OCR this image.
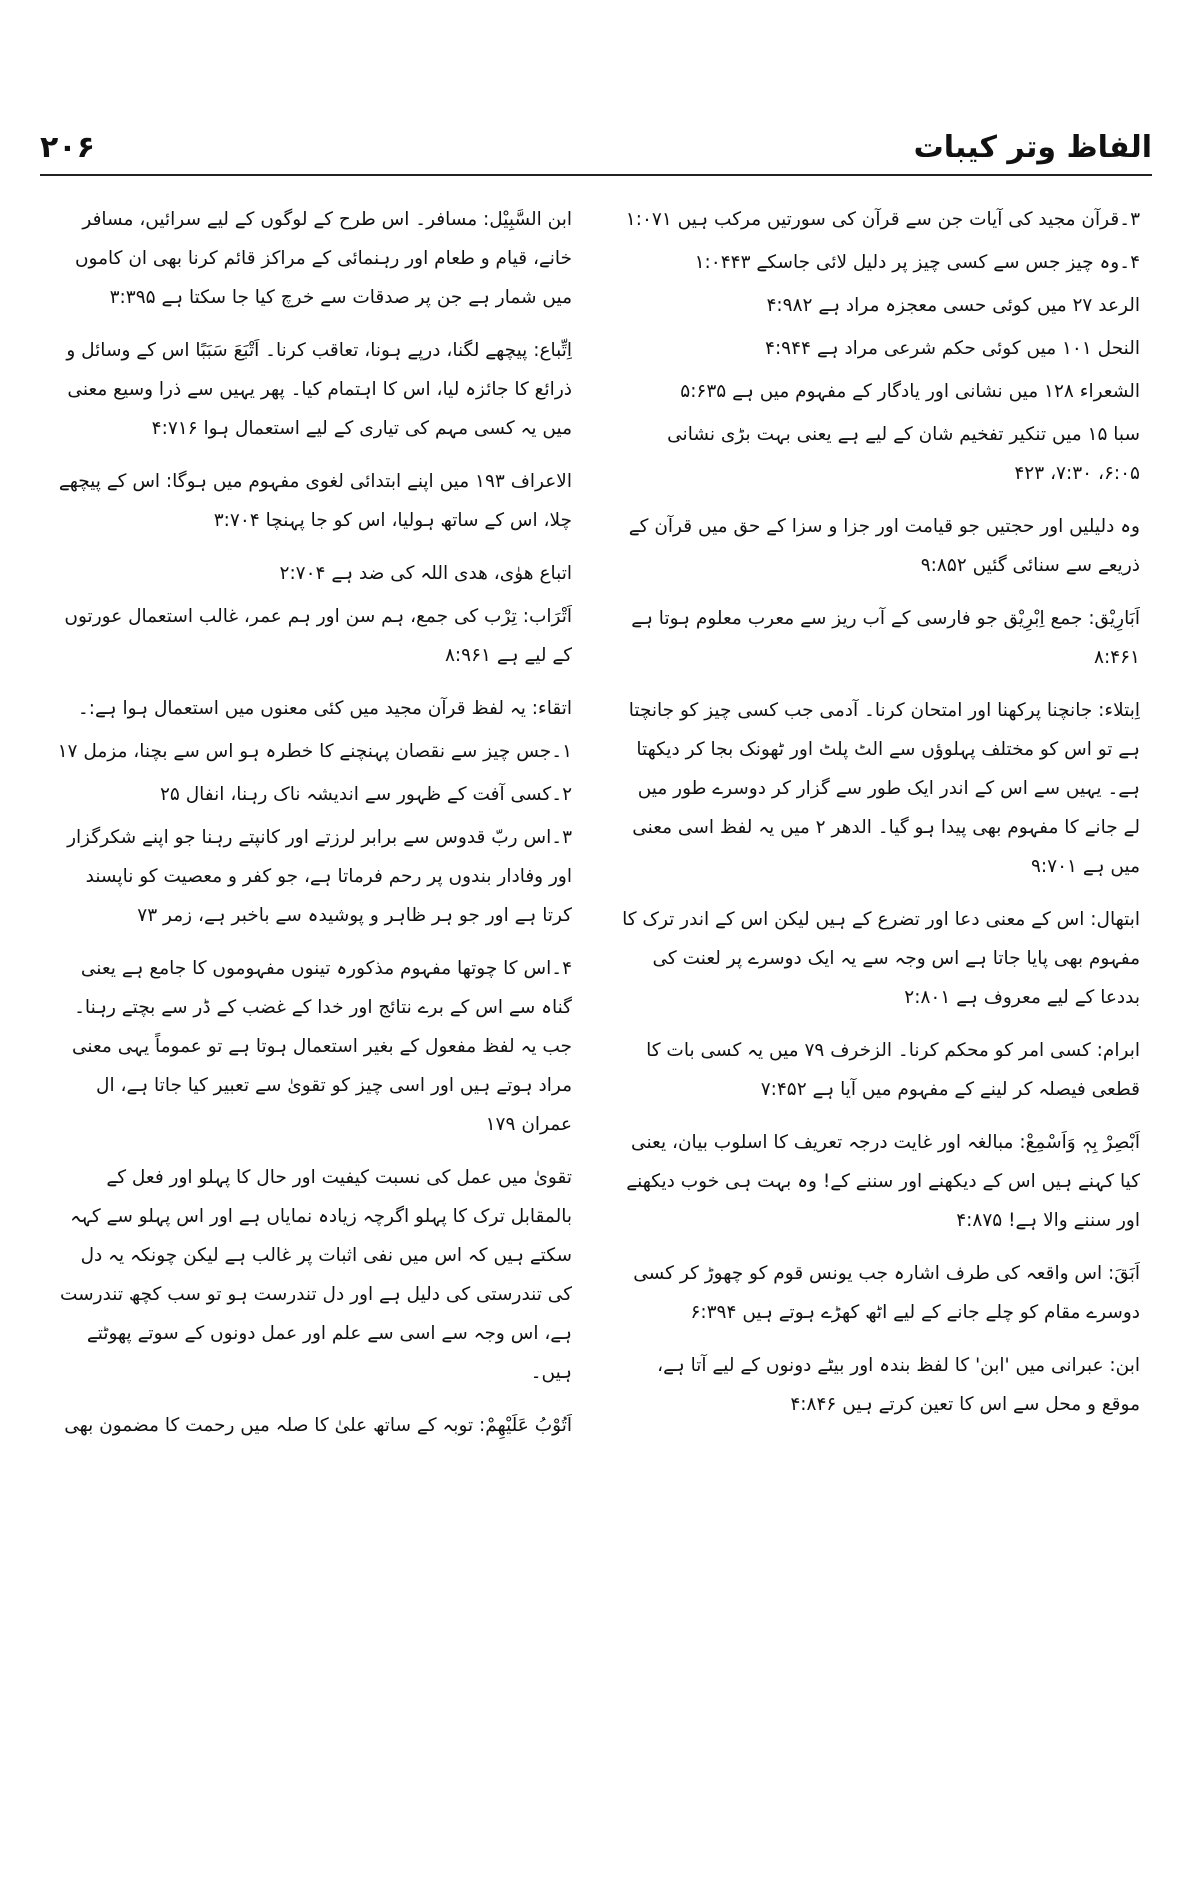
الفاظ وتر کیبات
۲۰۶

۳۔قرآن مجید کی آیات جن سے قرآن کی سورتیں مرکب ہیں ۱:۰۷۱

۴۔وہ چیز جس سے کسی چیز پر دلیل لائی جاسکے ۱:۰۴۴۳

الرعد ۲۷ میں کوئی حسی معجزہ مراد ہے ۴:۹۸۲

النحل ۱۰۱ میں کوئی حکم شرعی مراد ہے ۴:۹۴۴

الشعراء ۱۲۸ میں نشانی اور یادگار کے مفہوم میں ہے ۵:۶۳۵

سبا ۱۵ میں تنکیر تفخیم شان کے لیے ہے یعنی بہت بڑی نشانی ۶:۰۵، ۷:۳۰، ۴۲۳

وہ دلیلیں اور حجتیں جو قیامت اور جزا و سزا کے حق میں قرآن کے ذریعے سے سنائی گئیں ۹:۸۵۲

اَبَارِیْق: جمع اِبْرِیْق جو فارسی کے آب ریز سے معرب معلوم ہوتا ہے ۸:۴۶۱

اِبتلاء: جانچنا پرکھنا اور امتحان کرنا۔ آدمی جب کسی چیز کو جانچتا ہے تو اس کو مختلف پہلوؤں سے الٹ پلٹ اور ٹھونک بجا کر دیکھتا ہے۔ یہیں سے اس کے اندر ایک طور سے گزار کر دوسرے طور میں لے جانے کا مفہوم بھی پیدا ہو گیا۔ الدھر ۲ میں یہ لفظ اسی معنی میں ہے ۹:۷۰۱

ابتھال: اس کے معنی دعا اور تضرع کے ہیں لیکن اس کے اندر ترک کا مفہوم بھی پایا جاتا ہے اس وجہ سے یہ ایک دوسرے پر لعنت کی بددعا کے لیے معروف ہے ۲:۸۰۱

ابرام: کسی امر کو محکم کرنا۔ الزخرف ۷۹ میں یہ کسی بات کا قطعی فیصلہ کر لینے کے مفہوم میں آیا ہے ۷:۴۵۲

اَبْصِرْ بِہٖ وَاَسْمِعْ: مبالغہ اور غایت درجہ تعریف کا اسلوب بیان، یعنی کیا کہنے ہیں اس کے دیکھنے اور سننے کے! وہ بہت ہی خوب دیکھنے اور سننے والا ہے! ۴:۸۷۵

اَبَقَ: اس واقعہ کی طرف اشارہ جب یونس قوم کو چھوڑ کر کسی دوسرے مقام کو چلے جانے کے لیے اٹھ کھڑے ہوتے ہیں ۶:۳۹۴

ابن: عبرانی میں 'ابن' کا لفظ بندہ اور بیٹے دونوں کے لیے آتا ہے، موقع و محل سے اس کا تعین کرتے ہیں ۴:۸۴۶

ابن السَّبِیْل: مسافر۔ اس طرح کے لوگوں کے لیے سرائیں، مسافر خانے، قیام و طعام اور رہنمائی کے مراکز قائم کرنا بھی ان کاموں میں شمار ہے جن پر صدقات سے خرچ کیا جا سکتا ہے ۳:۳۹۵

اِتِّباع: پیچھے لگنا، درپے ہونا، تعاقب کرنا۔ اَتْبَعَ سَبَبًا اس کے وسائل و ذرائع کا جائزہ لیا، اس کا اہتمام کیا۔ پھر یہیں سے ذرا وسیع معنی میں یہ کسی مہم کی تیاری کے لیے استعمال ہوا ۴:۷۱۶

الاعراف ۱۹۳ میں اپنے ابتدائی لغوی مفہوم میں ہوگا: اس کے پیچھے چلا، اس کے ساتھ ہولیا، اس کو جا پہنچا ۳:۷۰۴

اتباع ھوٰی، ھدی اللہ کی ضد ہے ۲:۷۰۴

اَتْرَاب: تِرْب کی جمع، ہم سن اور ہم عمر، غالب استعمال عورتوں کے لیے ہے ۸:۹۶۱

اتقاء: یہ لفظ قرآن مجید میں کئی معنوں میں استعمال ہوا ہے:۔

۱۔جس چیز سے نقصان پہنچنے کا خطرہ ہو اس سے بچنا، مزمل ۱۷

۲۔کسی آفت کے ظہور سے اندیشہ ناک رہنا، انفال ۲۵

۳۔اس ربّ قدوس سے برابر لرزتے اور کانپتے رہنا جو اپنے شکرگزار اور وفادار بندوں پر رحم فرماتا ہے، جو کفر و معصیت کو ناپسند کرتا ہے اور جو ہر ظاہر و پوشیدہ سے باخبر ہے، زمر ۷۳

۴۔اس کا چوتھا مفہوم مذکورہ تینوں مفہوموں کا جامع ہے یعنی گناہ سے اس کے برے نتائج اور خدا کے غضب کے ڈر سے بچتے رہنا۔ جب یہ لفظ مفعول کے بغیر استعمال ہوتا ہے تو عموماً یہی معنی مراد ہوتے ہیں اور اسی چیز کو تقویٰ سے تعبیر کیا جاتا ہے، ال عمران ۱۷۹

تقویٰ میں عمل کی نسبت کیفیت اور حال کا پہلو اور فعل کے بالمقابل ترک کا پہلو اگرچہ زیادہ نمایاں ہے اور اس پہلو سے کہہ سکتے ہیں کہ اس میں نفی اثبات پر غالب ہے لیکن چونکہ یہ دل کی تندرستی کی دلیل ہے اور دل تندرست ہو تو سب کچھ تندرست ہے، اس وجہ سے اسی سے علم اور عمل دونوں کے سوتے پھوٹتے ہیں۔

اَتُوْبُ عَلَیْھِمْ: توبہ کے ساتھ علیٰ کا صلہ میں رحمت کا مضمون بھی
